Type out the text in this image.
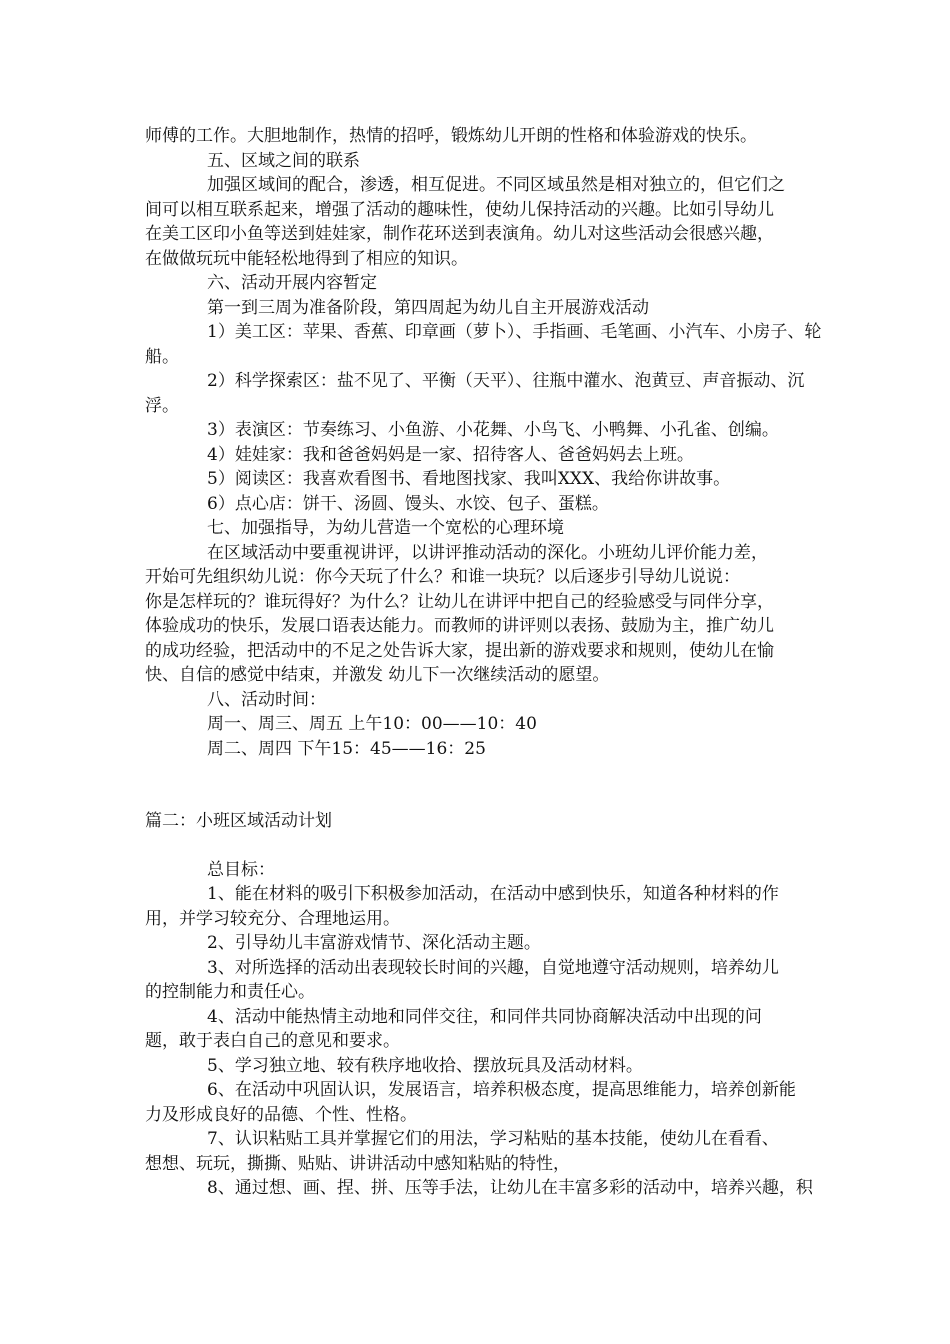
师傅的工作。大胆地制作，热情的招呼，锻炼幼儿开朗的性格和体验游戏的快乐。

五、区域之间的联系

加强区域间的配合，渗透，相互促进。不同区域虽然是相对独立的，但它们之

间可以相互联系起来，增强了活动的趣味性，使幼儿保持活动的兴趣。比如引导幼儿

在美工区印小鱼等送到娃娃家，制作花环送到表演角。幼儿对这些活动会很感兴趣，

在做做玩玩中能轻松地得到了相应的知识。

六、活动开展内容暂定

第一到三周为准备阶段，第四周起为幼儿自主开展游戏活动

1）美工区：苹果、香蕉、印章画（萝卜）、手指画、毛笔画、小汽车、小房子、轮

船。

2）科学探索区：盐不见了、平衡（天平）、往瓶中灌水、泡黄豆、声音振动、沉

浮。

3）表演区：节奏练习、小鱼游、小花舞、小鸟飞、小鸭舞、小孔雀、创编。

4）娃娃家：我和爸爸妈妈是一家、招待客人、爸爸妈妈去上班。

5）阅读区：我喜欢看图书、看地图找家、我叫XXX、我给你讲故事。

6）点心店：饼干、汤圆、馒头、水饺、包子、蛋糕。

七、加强指导，为幼儿营造一个宽松的心理环境

在区域活动中要重视讲评，以讲评推动活动的深化。小班幼儿评价能力差，

开始可先组织幼儿说：你今天玩了什么？和谁一块玩？以后逐步引导幼儿说说：

你是怎样玩的？谁玩得好？为什么？让幼儿在讲评中把自己的经验感受与同伴分享，

体验成功的快乐，发展口语表达能力。而教师的讲评则以表扬、鼓励为主，推广幼儿

的成功经验，把活动中的不足之处告诉大家，提出新的游戏要求和规则，使幼儿在愉

快、自信的感觉中结束，并激发 幼儿下一次继续活动的愿望。

八、活动时间：

周一、周三、周五 上午10：00——10：40

周二、周四 下午15：45——16：25

篇二：小班区域活动计划

总目标：

1、能在材料的吸引下积极参加活动，在活动中感到快乐，知道各种材料的作

用，并学习较充分、合理地运用。

2、引导幼儿丰富游戏情节、深化活动主题。

3、对所选择的活动出表现较长时间的兴趣，自觉地遵守活动规则，培养幼儿

的控制能力和责任心。

4、活动中能热情主动地和同伴交往，和同伴共同协商解决活动中出现的问

题，敢于表白自己的意见和要求。

5、学习独立地、较有秩序地收拾、摆放玩具及活动材料。

6、在活动中巩固认识，发展语言，培养积极态度，提高思维能力，培养创新能

力及形成良好的品德、个性、性格。

7、认识粘贴工具并掌握它们的用法，学习粘贴的基本技能，使幼儿在看看、

想想、玩玩，撕撕、贴贴、讲讲活动中感知粘贴的特性，

8、通过想、画、捏、拼、压等手法，让幼儿在丰富多彩的活动中，培养兴趣，积
